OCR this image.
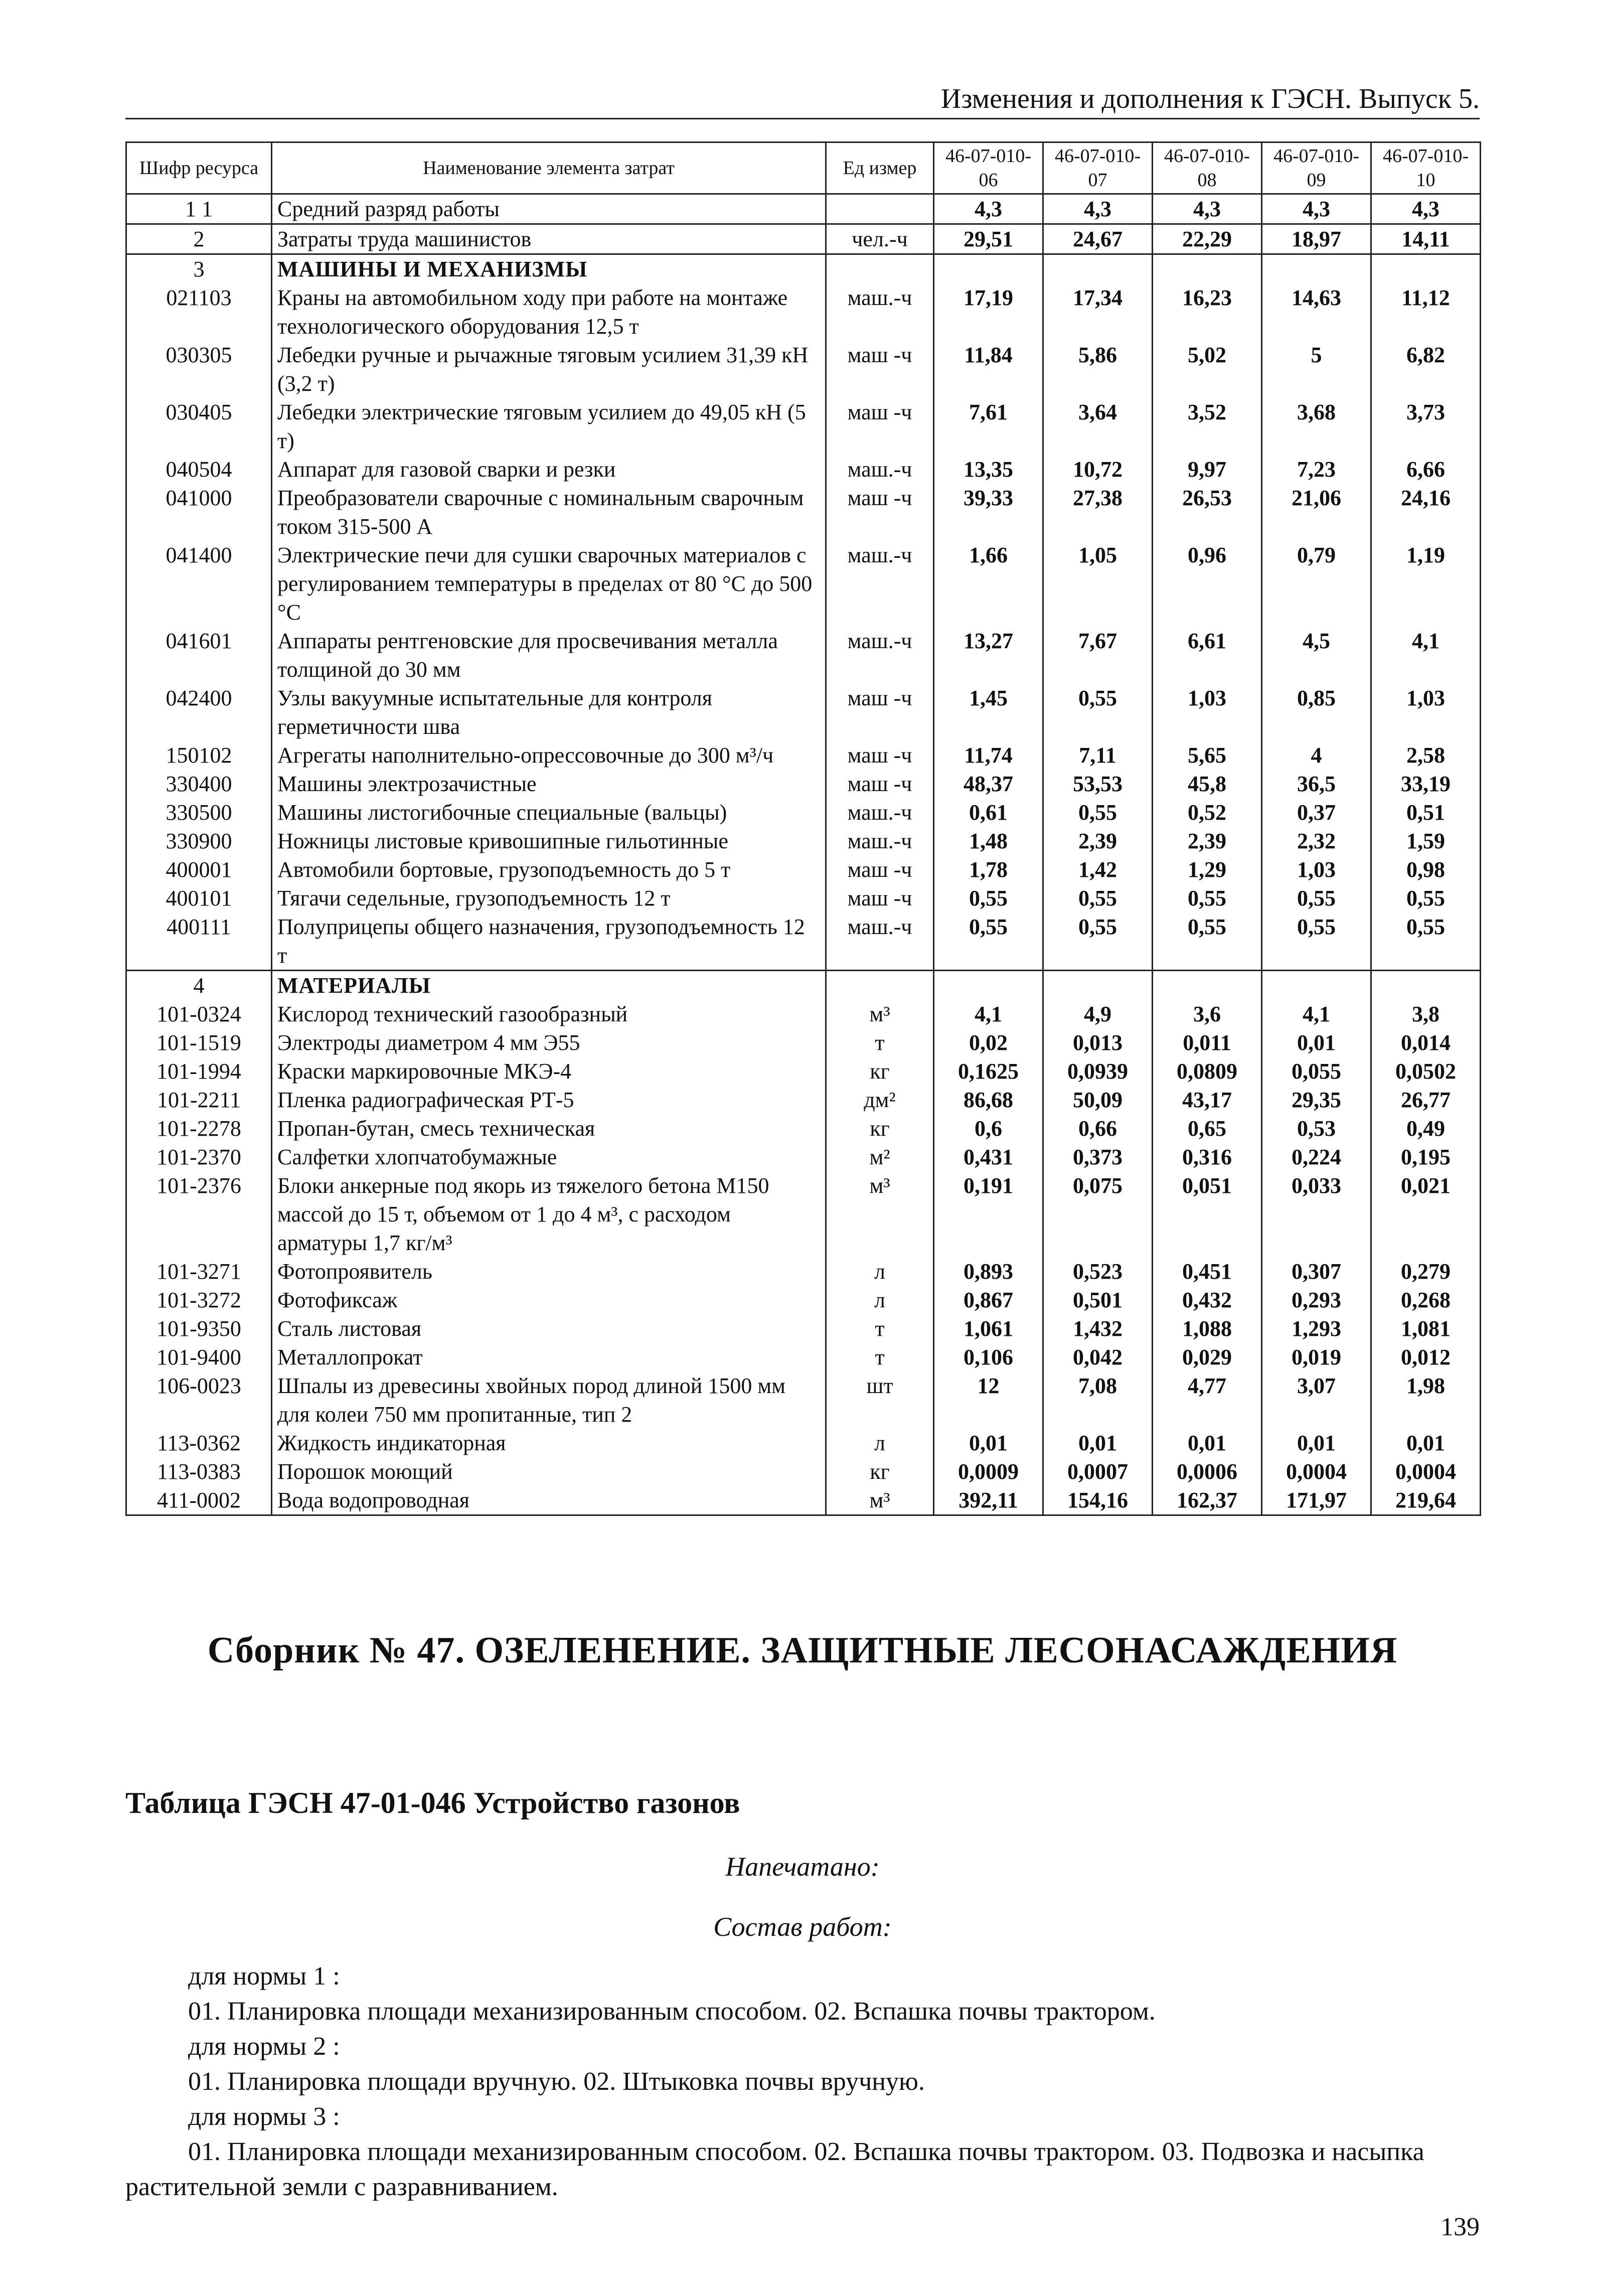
Изменения и дополнения к ГЭСН. Выпуск 5.
Шифр ресурса	Наименование элемента затрат	Ед измер	46-07-010-06	46-07-010-07	46-07-010-08	46-07-010-09	46-07-010-10
1 1	Средний разряд работы		4,3	4,3	4,3	4,3	4,3
2	Затраты труда машинистов	чел.-ч	29,51	24,67	22,29	18,97	14,11
3	МАШИНЫ И МЕХАНИЗМЫ						
021103	Краны на автомобильном ходу при работе на монтаже технологического оборудования 12,5 т	маш.-ч	17,19	17,34	16,23	14,63	11,12
030305	Лебедки ручные и рычажные тяговым усилием 31,39 кН (3,2 т)	маш -ч	11,84	5,86	5,02	5	6,82
030405	Лебедки электрические тяговым усилием до 49,05 кН (5 т)	маш -ч	7,61	3,64	3,52	3,68	3,73
040504	Аппарат для газовой сварки и резки	маш.-ч	13,35	10,72	9,97	7,23	6,66
041000	Преобразователи сварочные с номинальным сварочным током 315-500 А	маш -ч	39,33	27,38	26,53	21,06	24,16
041400	Электрические печи для сушки сварочных материалов с регулированием температуры в пределах от 80 °С до 500 °С	маш.-ч	1,66	1,05	0,96	0,79	1,19
041601	Аппараты рентгеновские для просвечивания металла толщиной до 30 мм	маш.-ч	13,27	7,67	6,61	4,5	4,1
042400	Узлы вакуумные испытательные для контроля герметичности шва	маш -ч	1,45	0,55	1,03	0,85	1,03
150102	Агрегаты наполнительно-опрессовочные до 300 м³/ч	маш -ч	11,74	7,11	5,65	4	2,58
330400	Машины электрозачистные	маш -ч	48,37	53,53	45,8	36,5	33,19
330500	Машины листогибочные специальные (вальцы)	маш.-ч	0,61	0,55	0,52	0,37	0,51
330900	Ножницы листовые кривошипные гильотинные	маш.-ч	1,48	2,39	2,39	2,32	1,59
400001	Автомобили бортовые, грузоподъемность до 5 т	маш -ч	1,78	1,42	1,29	1,03	0,98
400101	Тягачи седельные, грузоподъемность 12 т	маш -ч	0,55	0,55	0,55	0,55	0,55
400111	Полуприцепы общего назначения, грузоподъемность 12 т	маш.-ч	0,55	0,55	0,55	0,55	0,55
4	МАТЕРИАЛЫ						
101-0324	Кислород технический газообразный	м³	4,1	4,9	3,6	4,1	3,8
101-1519	Электроды диаметром 4 мм Э55	т	0,02	0,013	0,011	0,01	0,014
101-1994	Краски маркировочные МКЭ-4	кг	0,1625	0,0939	0,0809	0,055	0,0502
101-2211	Пленка радиографическая РТ-5	дм²	86,68	50,09	43,17	29,35	26,77
101-2278	Пропан-бутан, смесь техническая	кг	0,6	0,66	0,65	0,53	0,49
101-2370	Салфетки хлопчатобумажные	м²	0,431	0,373	0,316	0,224	0,195
101-2376	Блоки анкерные под якорь из тяжелого бетона М150 массой до 15 т, объемом от 1 до 4 м³, с расходом арматуры 1,7 кг/м³	м³	0,191	0,075	0,051	0,033	0,021
101-3271	Фотопроявитель	л	0,893	0,523	0,451	0,307	0,279
101-3272	Фотофиксаж	л	0,867	0,501	0,432	0,293	0,268
101-9350	Сталь листовая	т	1,061	1,432	1,088	1,293	1,081
101-9400	Металлопрокат	т	0,106	0,042	0,029	0,019	0,012
106-0023	Шпалы из древесины хвойных пород длиной 1500 мм для колеи 750 мм пропитанные, тип 2	шт	12	7,08	4,77	3,07	1,98
113-0362	Жидкость индикаторная	л	0,01	0,01	0,01	0,01	0,01
113-0383	Порошок моющий	кг	0,0009	0,0007	0,0006	0,0004	0,0004
411-0002	Вода водопроводная	м³	392,11	154,16	162,37	171,97	219,64
Сборник № 47. ОЗЕЛЕНЕНИЕ. ЗАЩИТНЫЕ ЛЕСОНАСАЖДЕНИЯ
Таблица ГЭСН 47-01-046 Устройство газонов
Напечатано:
Состав работ:
для нормы 1 :
01. Планировка площади механизированным способом. 02. Вспашка почвы трактором.
для нормы 2 :
01. Планировка площади вручную. 02. Штыковка почвы вручную.
для нормы 3 :
01. Планировка площади механизированным способом. 02. Вспашка почвы трактором. 03. Подвозка и насыпка растительной земли с разравниванием.
139
